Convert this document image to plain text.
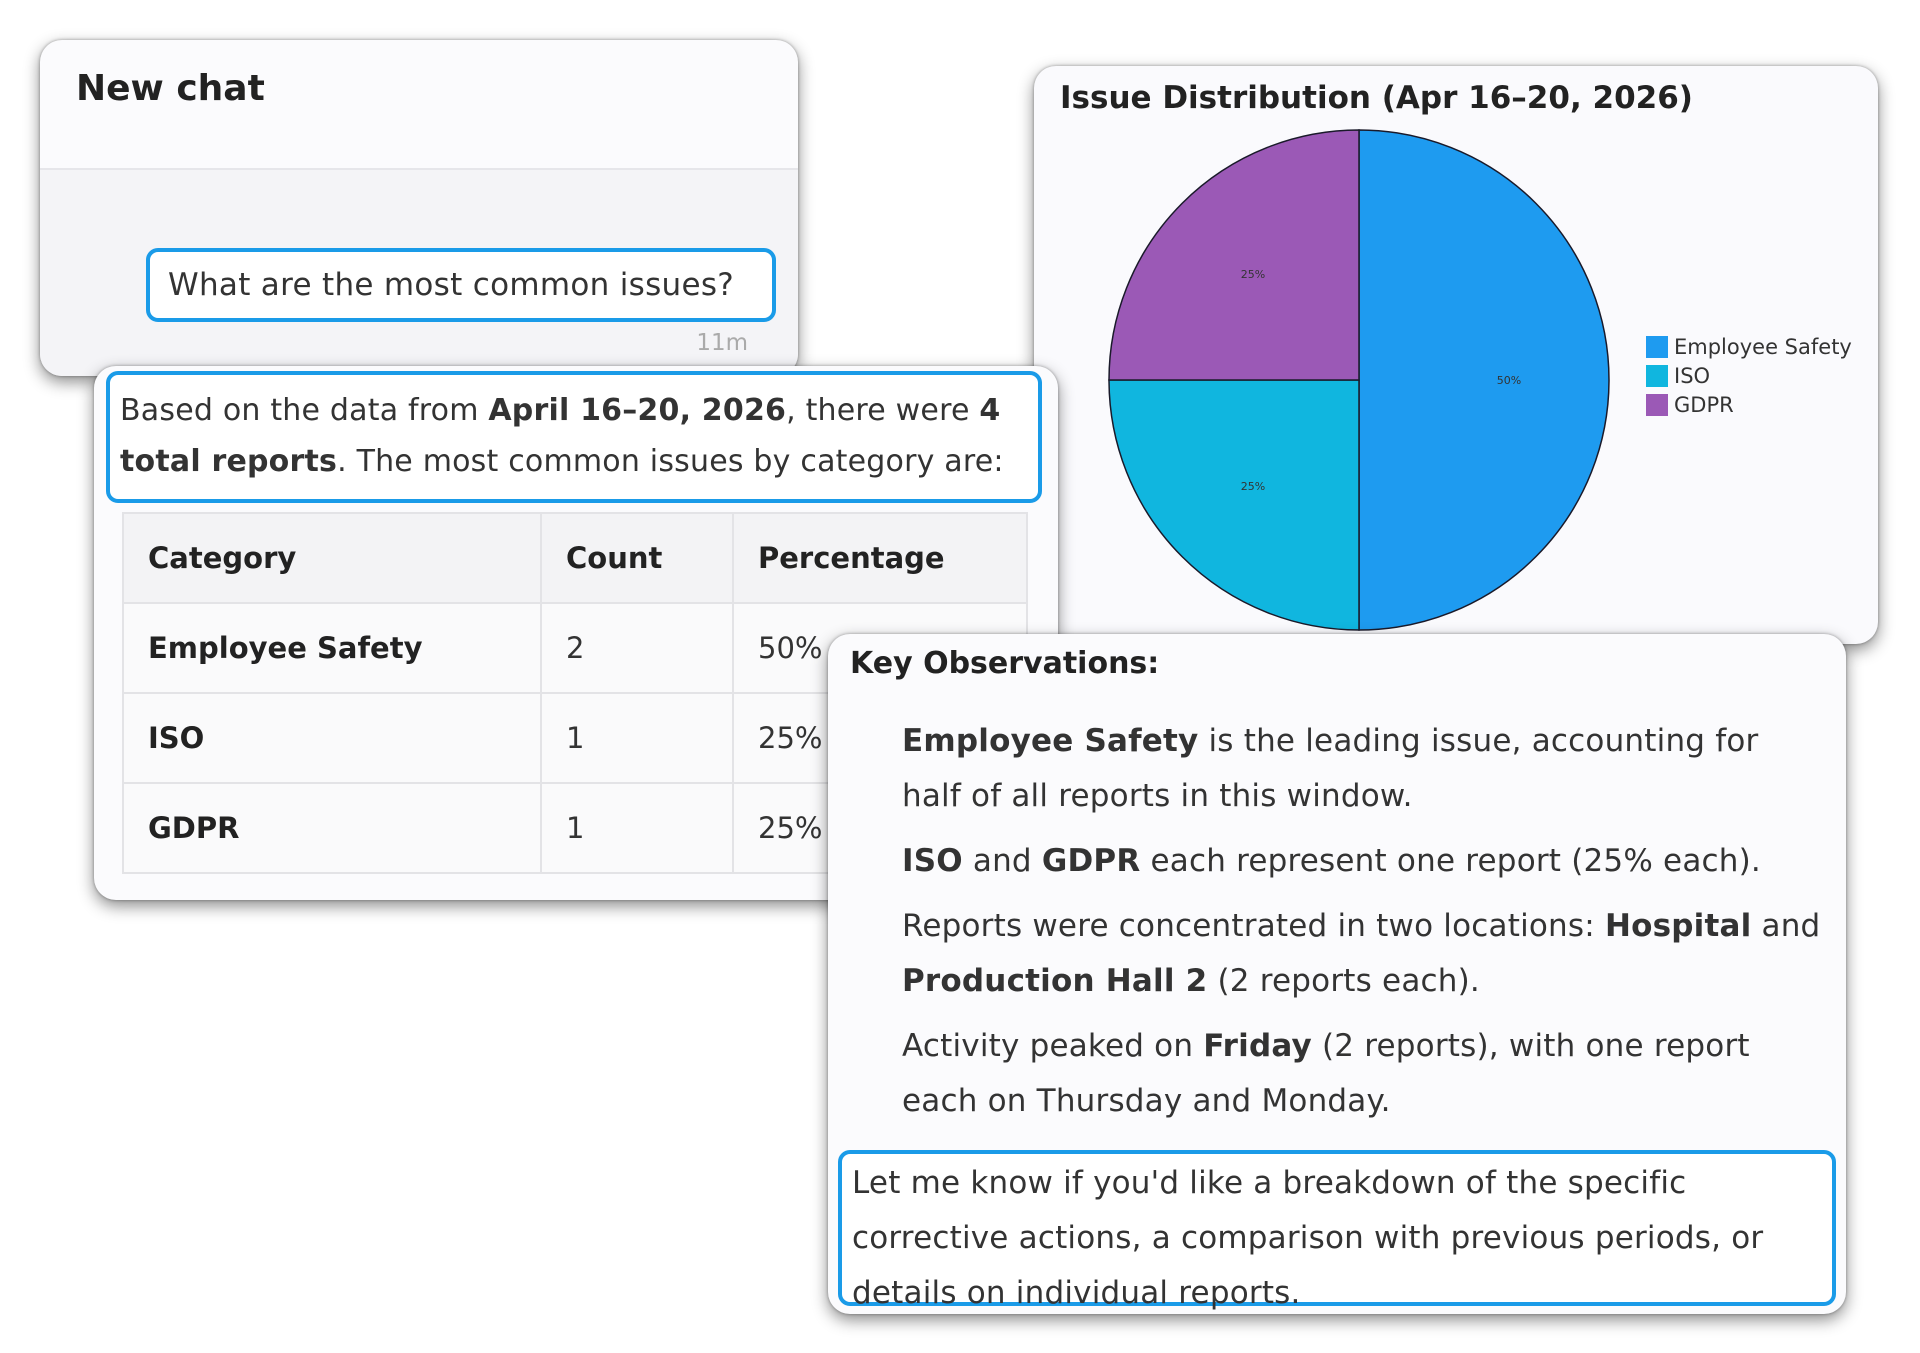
New chat
What are the most common issues?
11m
Issue Distribution (Apr 16–20, 2026)
50%
25%
25%
Employee Safety
ISO
GDPR
Based on the data from April 16–20, 2026, there were 4 total reports. The most common issues by category are:
Category	Count	Percentage
Employee Safety	2	50%
ISO	1	25%
GDPR	1	25%
Key Observations:

Employee Safety is the leading issue, accounting for half of all reports in this window.

ISO and GDPR each represent one report (25% each).

Reports were concentrated in two locations: Hospital and Production Hall 2 (2 reports each).

Activity peaked on Friday (2 reports), with one report each on Thursday and Monday.

Let me know if you'd like a breakdown of the specific corrective actions, a comparison with previous periods, or details on individual reports.
